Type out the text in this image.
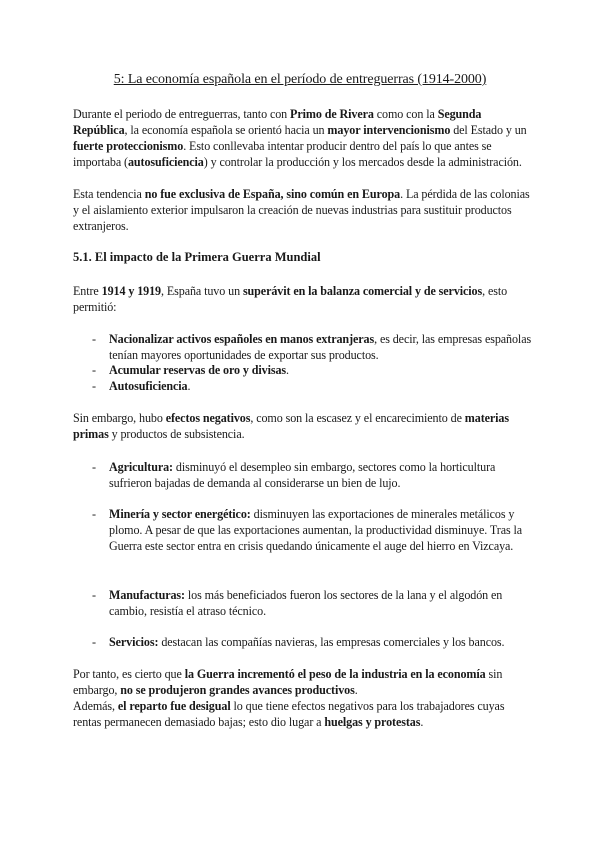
5: La economía española en el período de entreguerras (1914-2000)
Durante el periodo de entreguerras, tanto con Primo de Rivera como con la Segunda República, la economía española se orientó hacia un mayor intervencionismo del Estado y un fuerte proteccionismo. Esto conllevaba intentar producir dentro del país lo que antes se importaba (autosuficiencia) y controlar la producción y los mercados desde la administración.
Esta tendencia no fue exclusiva de España, sino común en Europa. La pérdida de las colonias y el aislamiento exterior impulsaron la creación de nuevas industrias para sustituir productos extranjeros.
5.1. El impacto de la Primera Guerra Mundial
Entre 1914 y 1919, España tuvo un superávit en la balanza comercial y de servicios, esto permitió:
-	Nacionalizar activos españoles en manos extranjeras, es decir, las empresas españolas tenían mayores oportunidades de exportar sus productos.
-	Acumular reservas de oro y divisas.
-	Autosuficiencia.
Sin embargo, hubo efectos negativos, como son la escasez y el encarecimiento de materias primas y productos de subsistencia.
-	Agricultura: disminuyó el desempleo sin embargo, sectores como la horticultura sufrieron bajadas de demanda al considerarse un bien de lujo.
-	Minería y sector energético: disminuyen las exportaciones de minerales metálicos y plomo. A pesar de que las exportaciones aumentan, la productividad disminuye. Tras la Guerra este sector entra en crisis quedando únicamente el auge del hierro en Vizcaya.
-	Manufacturas: los más beneficiados fueron los sectores de la lana y el algodón en cambio, resistía el atraso técnico.
-	Servicios: destacan las compañías navieras, las empresas comerciales y los bancos.
Por tanto, es cierto que la Guerra incrementó el peso de la industria en la economía sin embargo, no se produjeron grandes avances productivos.
Además, el reparto fue desigual lo que tiene efectos negativos para los trabajadores cuyas rentas permanecen demasiado bajas; esto dio lugar a huelgas y protestas.
